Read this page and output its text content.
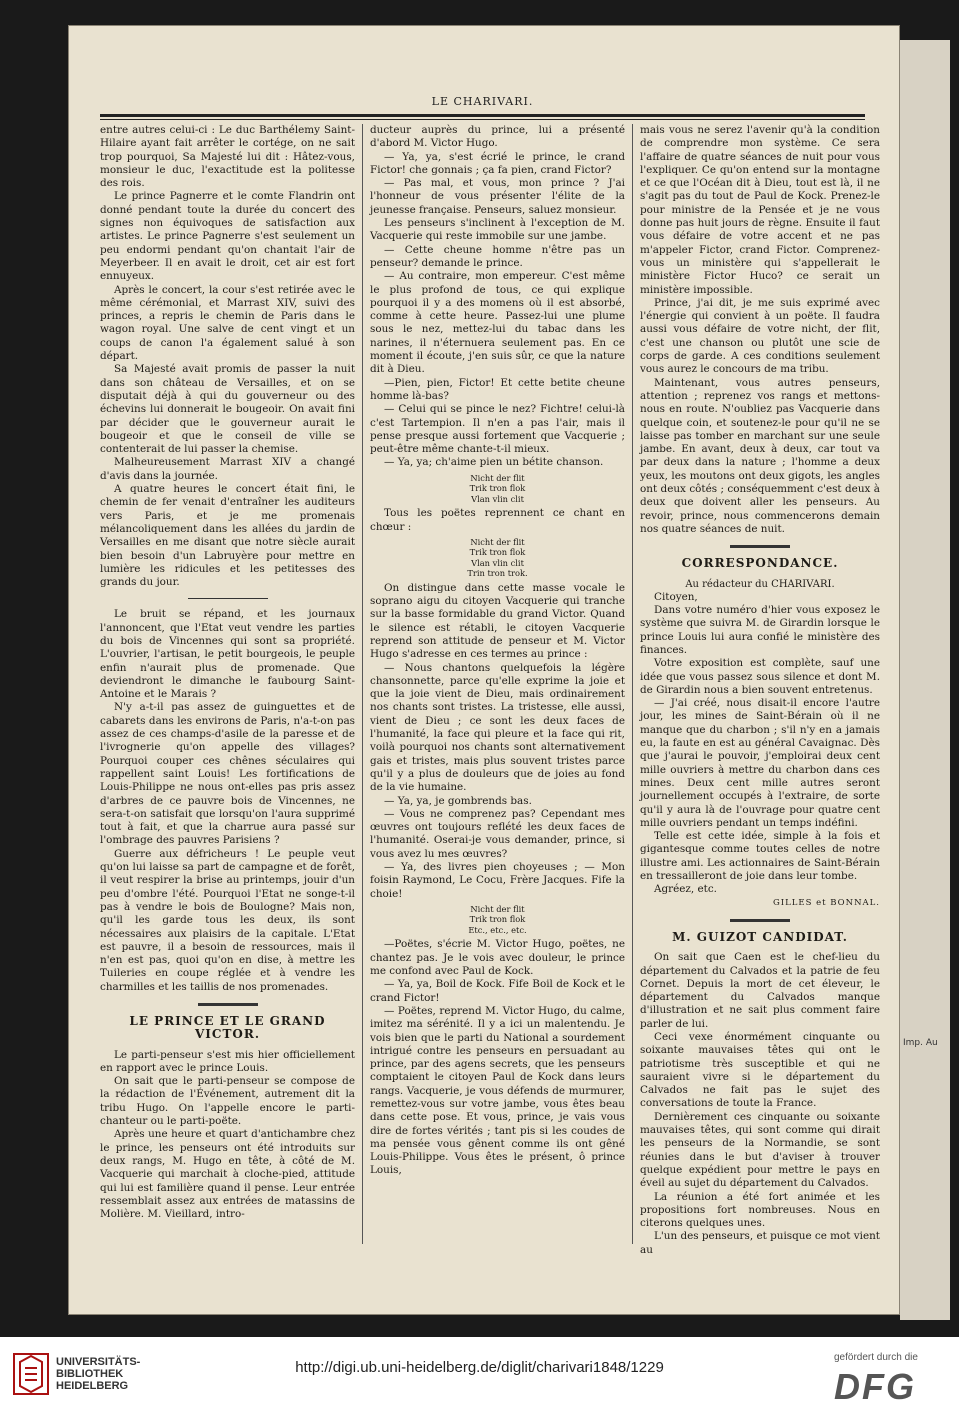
Imp. Au
LE CHARIVARI.

entre autres celui-ci : Le duc Barthélemy Saint-Hilaire ayant fait arrêter le cortége, on ne sait trop pourquoi, Sa Majesté lui dit : Hâtez-vous, monsieur le duc, l'exactitude est la politesse des rois.

Le prince Pagnerre et le comte Flandrin ont donné pendant toute la durée du concert des signes non équivoques de satisfaction aux artistes. Le prince Pagnerre s'est seulement un peu endormi pendant qu'on chantait l'air de Meyerbeer. Il en avait le droit, cet air est fort ennuyeux.

Après le concert, la cour s'est retirée avec le même cérémonial, et Marrast XIV, suivi des princes, a repris le chemin de Paris dans le wagon royal. Une salve de cent vingt et un coups de canon l'a également salué à son départ.

Sa Majesté avait promis de passer la nuit dans son château de Versailles, et on se disputait déjà à qui du gouverneur ou des échevins lui donnerait le bougeoir. On avait fini par décider que le gouverneur aurait le bougeoir et que le conseil de ville se contenterait de lui passer la chemise.

Malheureusement Marrast XIV a changé d'avis dans la journée.

A quatre heures le concert était fini, le chemin de fer venait d'entraîner les auditeurs vers Paris, et je me promenais mélancoliquement dans les allées du jardin de Versailles en me disant que notre siècle aurait bien besoin d'un Labruyère pour mettre en lumière les ridicules et les petitesses des grands du jour.

Le bruit se répand, et les journaux l'annoncent, que l'Etat veut vendre les parties du bois de Vincennes qui sont sa propriété. L'ouvrier, l'artisan, le petit bourgeois, le peuple enfin n'aurait plus de promenade. Que deviendront le dimanche le faubourg Saint-Antoine et le Marais ?

N'y a-t-il pas assez de guinguettes et de cabarets dans les environs de Paris, n'a-t-on pas assez de ces champs-d'asile de la paresse et de l'ivrognerie qu'on appelle des villages? Pourquoi couper ces chênes séculaires qui rappellent saint Louis! Les fortifications de Louis-Philippe ne nous ont-elles pas pris assez d'arbres de ce pauvre bois de Vincennes, ne sera-t-on satisfait que lorsqu'on l'aura supprimé tout à fait, et que la charrue aura passé sur l'ombrage des pauvres Parisiens ?

Guerre aux défricheurs ! Le peuple veut qu'on lui laisse sa part de campagne et de forêt, il veut respirer la brise au printemps, jouir d'un peu d'ombre l'été. Pourquoi l'Etat ne songe-t-il pas à vendre le bois de Boulogne? Mais non, qu'il les garde tous les deux, ils sont nécessaires aux plaisirs de la capitale. L'Etat est pauvre, il a besoin de ressources, mais il n'en est pas, quoi qu'on en dise, à mettre les Tuileries en coupe réglée et à vendre les charmilles et les taillis de nos promenades.

LE PRINCE ET LE GRAND VICTOR.

Le parti-penseur s'est mis hier officiellement en rapport avec le prince Louis.

On sait que le parti-penseur se compose de la rédaction de l'Événement, autrement dit la tribu Hugo. On l'appelle encore le parti-chanteur ou le parti-poëte.

Après une heure et quart d'antichambre chez le prince, les penseurs ont été introduits sur deux rangs, M. Hugo en tête, à côté de M. Vacquerie qui marchait à cloche-pied, attitude qui lui est familière quand il pense. Leur entrée ressemblait assez aux entrées de matassins de Molière. M. Vieillard, intro-

ducteur auprès du prince, lui a présenté d'abord M. Victor Hugo.

— Ya, ya, s'est écrié le prince, le crand Fictor! che gonnais ; ça fa pien, crand Fictor?

— Pas mal, et vous, mon prince ? J'ai l'honneur de vous présenter l'élite de la jeunesse française. Penseurs, saluez monsieur.

Les penseurs s'inclinent à l'exception de M. Vacquerie qui reste immobile sur une jambe.

— Cette cheune homme n'être pas un penseur? demande le prince.

— Au contraire, mon empereur. C'est même le plus profond de tous, ce qui explique pourquoi il y a des momens où il est absorbé, comme à cette heure. Passez-lui une plume sous le nez, mettez-lui du tabac dans les narines, il n'éternuera seulement pas. En ce moment il écoute, j'en suis sûr, ce que la nature dit à Dieu.

—Pien, pien, Fictor! Et cette betite cheune homme là-bas?

— Celui qui se pince le nez? Fichtre! celui-là c'est Tartempion. Il n'en a pas l'air, mais il pense presque aussi fortement que Vacquerie ; peut-être même chante-t-il mieux.

— Ya, ya; ch'aime pien un bétite chanson.

Nicht der flit
Trik tron flok
Vlan vlin clit

Tous les poëtes reprennent ce chant en chœur :

Nicht der flit
Trik tron flok
Vlan vlin clit
Trin tron trok.

On distingue dans cette masse vocale le soprano aigu du citoyen Vacquerie qui tranche sur la basse formidable du grand Victor. Quand le silence est rétabli, le citoyen Vacquerie reprend son attitude de penseur et M. Victor Hugo s'adresse en ces termes au prince :

— Nous chantons quelquefois la légère chansonnette, parce qu'elle exprime la joie et que la joie vient de Dieu, mais ordinairement nos chants sont tristes. La tristesse, elle aussi, vient de Dieu ; ce sont les deux faces de l'humanité, la face qui pleure et la face qui rit, voilà pourquoi nos chants sont alternativement gais et tristes, mais plus souvent tristes parce qu'il y a plus de douleurs que de joies au fond de la vie humaine.

— Ya, ya, je gombrends bas.

— Vous ne comprenez pas? Cependant mes œuvres ont toujours reflété les deux faces de l'humanité. Oserai-je vous demander, prince, si vous avez lu mes œuvres?

— Ya, des livres pien choyeuses ; — Mon foisin Raymond, Le Cocu, Frère Jacques. Fife la choie!

Nicht der flit
Trik tron flok
Etc., etc., etc.

—Poëtes, s'écrie M. Victor Hugo, poëtes, ne chantez pas. Je le vois avec douleur, le prince me confond avec Paul de Kock.

— Ya, ya, Boil de Kock. Fife Boil de Kock et le crand Fictor!

— Poëtes, reprend M. Victor Hugo, du calme, imitez ma sérénité. Il y a ici un malentendu. Je vois bien que le parti du National a sourdement intrigué contre les penseurs en persuadant au prince, par des agens secrets, que les penseurs comptaient le citoyen Paul de Kock dans leurs rangs. Vacquerie, je vous défends de murmurer, remettez-vous sur votre jambe, vous êtes beau dans cette pose. Et vous, prince, je vais vous dire de fortes vérités ; tant pis si les coudes de ma pensée vous gênent comme ils ont gêné Louis-Philippe. Vous êtes le présent, ô prince Louis,

mais vous ne serez l'avenir qu'à la condition de comprendre mon système. Ce sera l'affaire de quatre séances de nuit pour vous l'expliquer. Ce qu'on entend sur la montagne et ce que l'Océan dit à Dieu, tout est là, il ne s'agit pas du tout de Paul de Kock. Prenez-le pour ministre de la Pensée et je ne vous donne pas huit jours de règne. Ensuite il faut vous défaire de votre accent et ne pas m'appeler Fictor, crand Fictor. Comprenez-vous un ministère qui s'appellerait le ministère Fictor Huco? ce serait un ministère impossible.

Prince, j'ai dit, je me suis exprimé avec l'énergie qui convient à un poëte. Il faudra aussi vous défaire de votre nicht, der flit, c'est une chanson ou plutôt une scie de corps de garde. A ces conditions seulement vous aurez le concours de ma tribu.

Maintenant, vous autres penseurs, attention ; reprenez vos rangs et mettons-nous en route. N'oubliez pas Vacquerie dans quelque coin, et soutenez-le pour qu'il ne se laisse pas tomber en marchant sur une seule jambe. En avant, deux à deux, car tout va par deux dans la nature ; l'homme a deux yeux, les moutons ont deux gigots, les angles ont deux côtés ; conséquemment c'est deux à deux que doivent aller les penseurs. Au revoir, prince, nous commencerons demain nos quatre séances de nuit.

CORRESPONDANCE.
Au rédacteur du CHARIVARI.

Citoyen,

Dans votre numéro d'hier vous exposez le système que suivra M. de Girardin lorsque le prince Louis lui aura confié le ministère des finances.

Votre exposition est complète, sauf une idée que vous passez sous silence et dont M. de Girardin nous a bien souvent entretenus.

— J'ai créé, nous disait-il encore l'autre jour, les mines de Saint-Bérain où il ne manque que du charbon ; s'il n'y en a jamais eu, la faute en est au général Cavaignac. Dès que j'aurai le pouvoir, j'emploirai deux cent mille ouvriers à mettre du charbon dans ces mines. Deux cent mille autres seront journellement occupés à l'extraire, de sorte qu'il y aura là de l'ouvrage pour quatre cent mille ouvriers pendant un temps indéfini.

Telle est cette idée, simple à la fois et gigantesque comme toutes celles de notre illustre ami. Les actionnaires de Saint-Bérain en tressailleront de joie dans leur tombe.

Agréez, etc.

GILLES et BONNAL.
M. GUIZOT CANDIDAT.

On sait que Caen est le chef-lieu du département du Calvados et la patrie de feu Cornet. Depuis la mort de cet éleveur, le département du Calvados manque d'illustration et ne sait plus comment faire parler de lui.

Ceci vexe énormément cinquante ou soixante mauvaises têtes qui ont le patriotisme très susceptible et qui ne sauraient vivre si le département du Calvados ne fait pas le sujet des conversations de toute la France.

Dernièrement ces cinquante ou soixante mauvaises têtes, qui sont comme qui dirait les penseurs de la Normandie, se sont réunies dans le but d'aviser à trouver quelque expédient pour mettre le pays en éveil au sujet du département du Calvados.

La réunion a été fort animée et les propositions fort nombreuses. Nous en citerons quelques unes.

L'un des penseurs, et puisque ce mot vient au

UNIVERSITÄTS-
BIBLIOTHEK
HEIDELBERG
http://digi.ub.uni-heidelberg.de/diglit/charivari1848/1229
gefördert durch die
DFG
